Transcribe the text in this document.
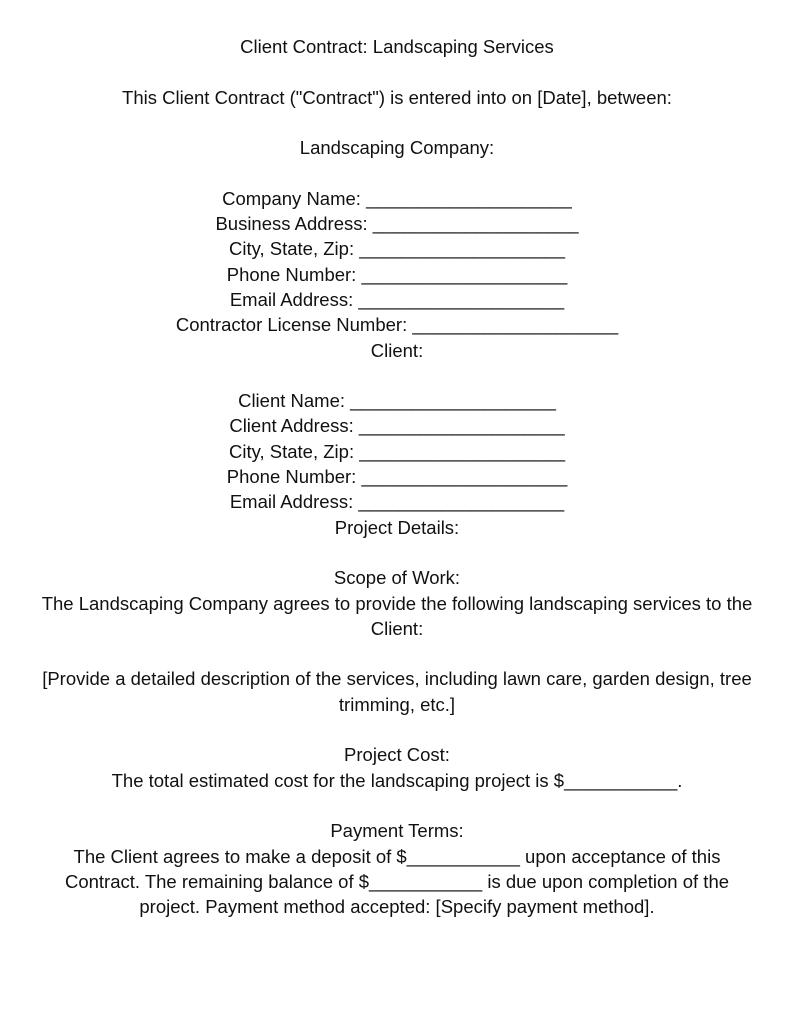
Client Contract: Landscaping Services
This Client Contract ("Contract") is entered into on [Date], between:
Landscaping Company:
Company Name: ____________________
Business Address: ____________________
City, State, Zip: ____________________
Phone Number: ____________________
Email Address: ____________________
Contractor License Number: ____________________
Client:
Client Name: ____________________
Client Address: ____________________
City, State, Zip: ____________________
Phone Number: ____________________
Email Address: ____________________
Project Details:
Scope of Work:
The Landscaping Company agrees to provide the following landscaping services to the Client:
[Provide a detailed description of the services, including lawn care, garden design, tree trimming, etc.]
Project Cost:
The total estimated cost for the landscaping project is $___________.
Payment Terms:
The Client agrees to make a deposit of $___________ upon acceptance of this Contract. The remaining balance of $___________ is due upon completion of the project. Payment method accepted: [Specify payment method].
